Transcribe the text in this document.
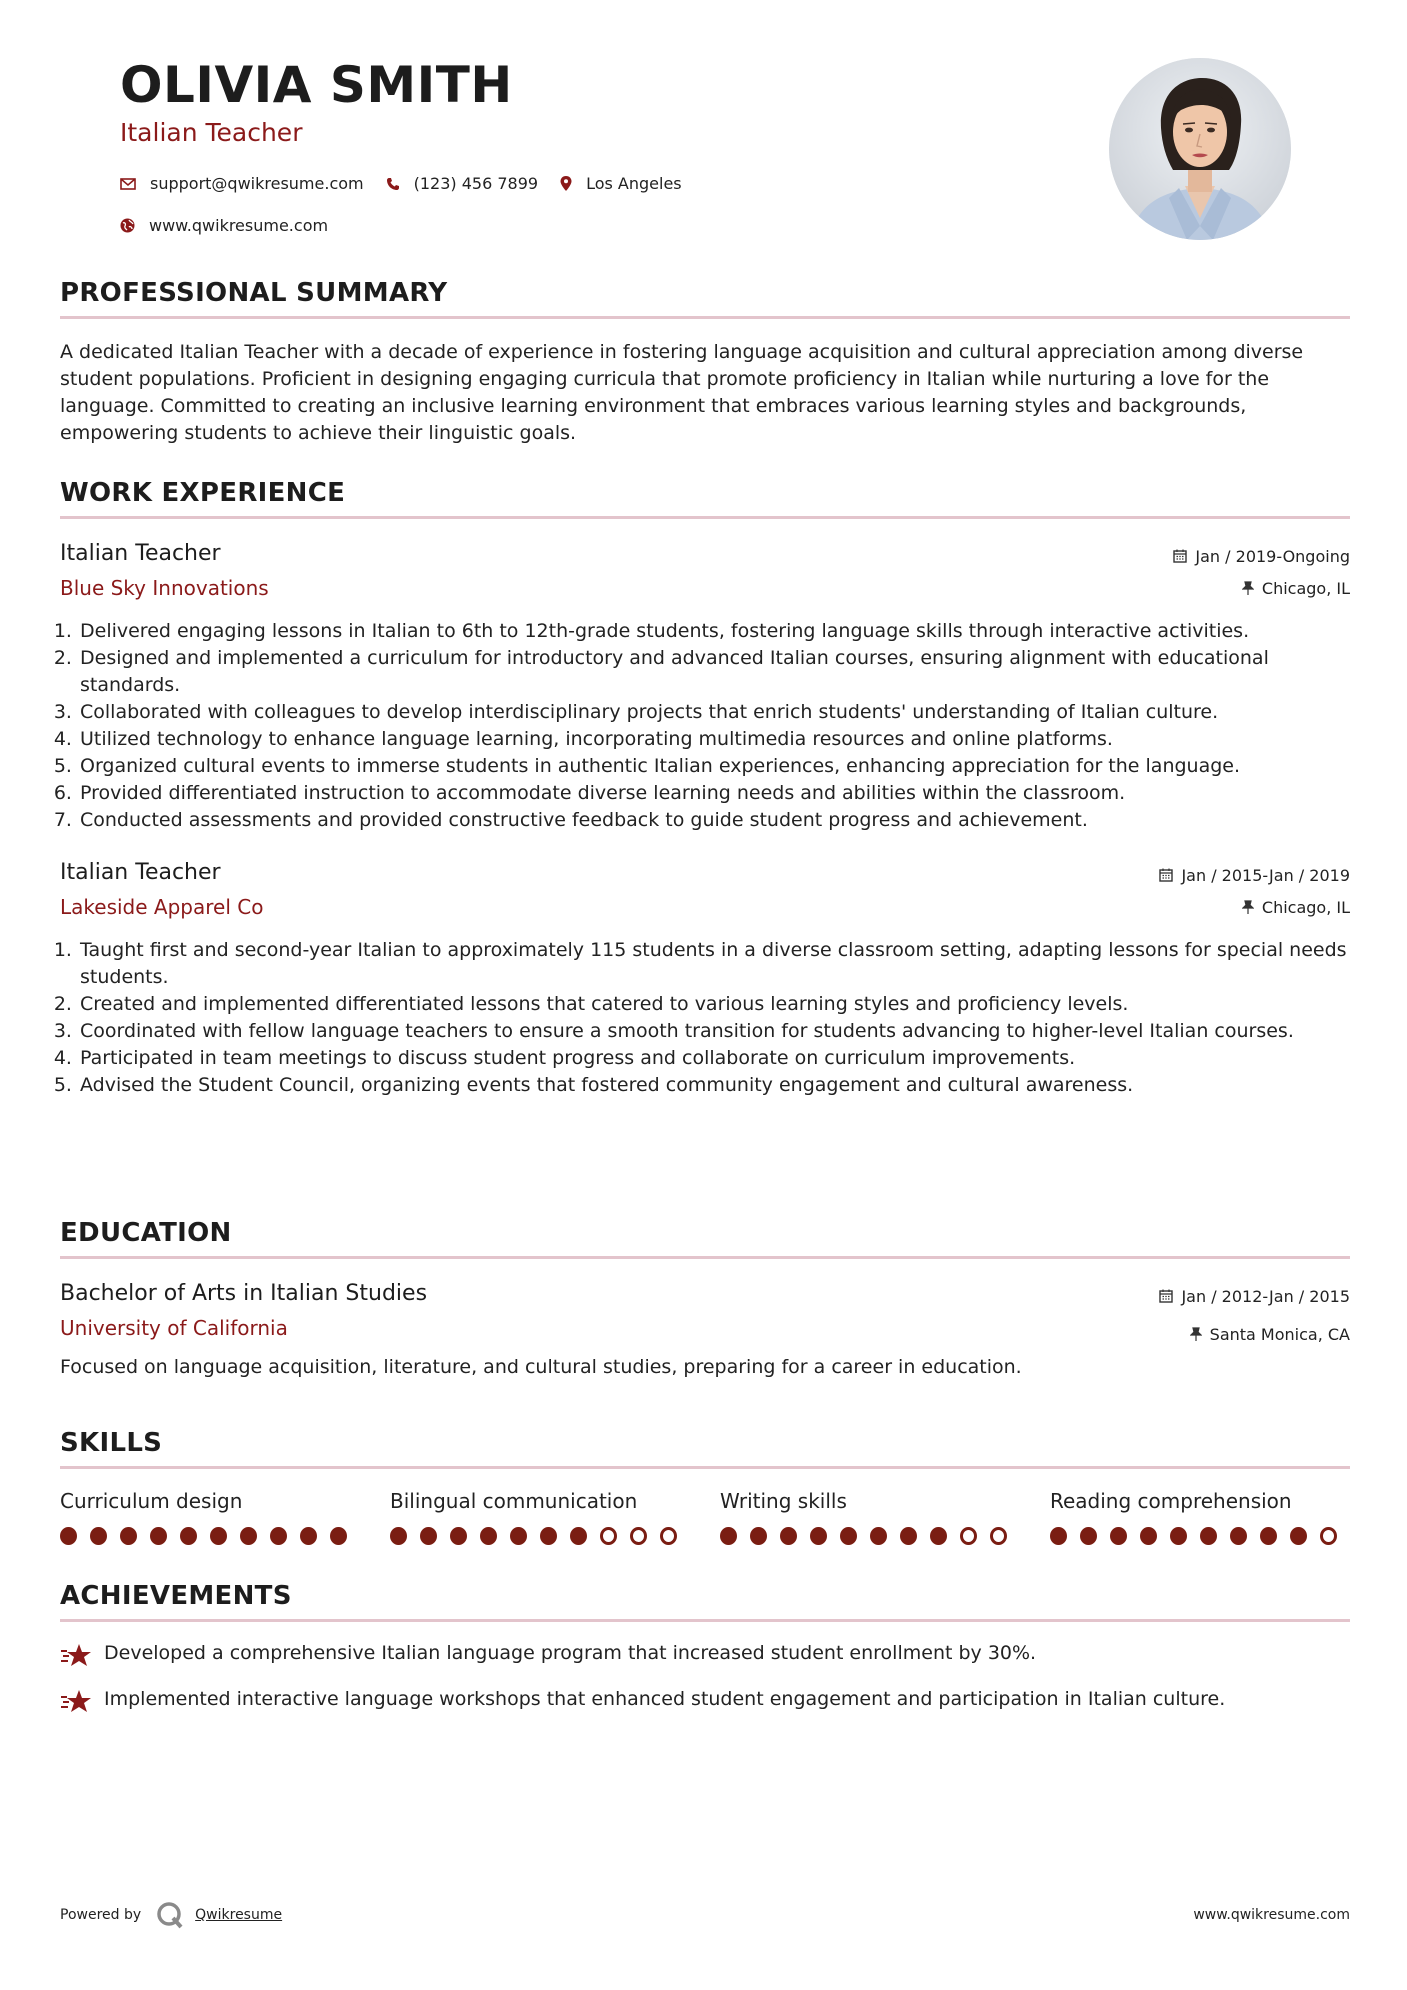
OLIVIA SMITH
Italian Teacher
support@qwikresume.com	(123) 456 7899	Los Angeles
www.qwikresume.com
PROFESSIONAL SUMMARY
A dedicated Italian Teacher with a decade of experience in fostering language acquisition and cultural appreciation among diverse student populations. Proficient in designing engaging curricula that promote proficiency in Italian while nurturing a love for the language. Committed to creating an inclusive learning environment that embraces various learning styles and backgrounds, empowering students to achieve their linguistic goals.
WORK EXPERIENCE
Italian Teacher
Blue Sky Innovations
Jan / 2019-Ongoing
Chicago, IL
1. Delivered engaging lessons in Italian to 6th to 12th-grade students, fostering language skills through interactive activities.
2. Designed and implemented a curriculum for introductory and advanced Italian courses, ensuring alignment with educational standards.
3. Collaborated with colleagues to develop interdisciplinary projects that enrich students' understanding of Italian culture.
4. Utilized technology to enhance language learning, incorporating multimedia resources and online platforms.
5. Organized cultural events to immerse students in authentic Italian experiences, enhancing appreciation for the language.
6. Provided differentiated instruction to accommodate diverse learning needs and abilities within the classroom.
7. Conducted assessments and provided constructive feedback to guide student progress and achievement.
Italian Teacher
Lakeside Apparel Co
Jan / 2015-Jan / 2019
Chicago, IL
1. Taught first and second-year Italian to approximately 115 students in a diverse classroom setting, adapting lessons for special needs students.
2. Created and implemented differentiated lessons that catered to various learning styles and proficiency levels.
3. Coordinated with fellow language teachers to ensure a smooth transition for students advancing to higher-level Italian courses.
4. Participated in team meetings to discuss student progress and collaborate on curriculum improvements.
5. Advised the Student Council, organizing events that fostered community engagement and cultural awareness.
EDUCATION
Bachelor of Arts in Italian Studies
University of California
Jan / 2012-Jan / 2015
Santa Monica, CA
Focused on language acquisition, literature, and cultural studies, preparing for a career in education.
SKILLS
Curriculum design	Bilingual communication	Writing skills	Reading comprehension
ACHIEVEMENTS
Developed a comprehensive Italian language program that increased student enrollment by 30%.
Implemented interactive language workshops that enhanced student engagement and participation in Italian culture.
Powered by	Qwikresume	www.qwikresume.com
